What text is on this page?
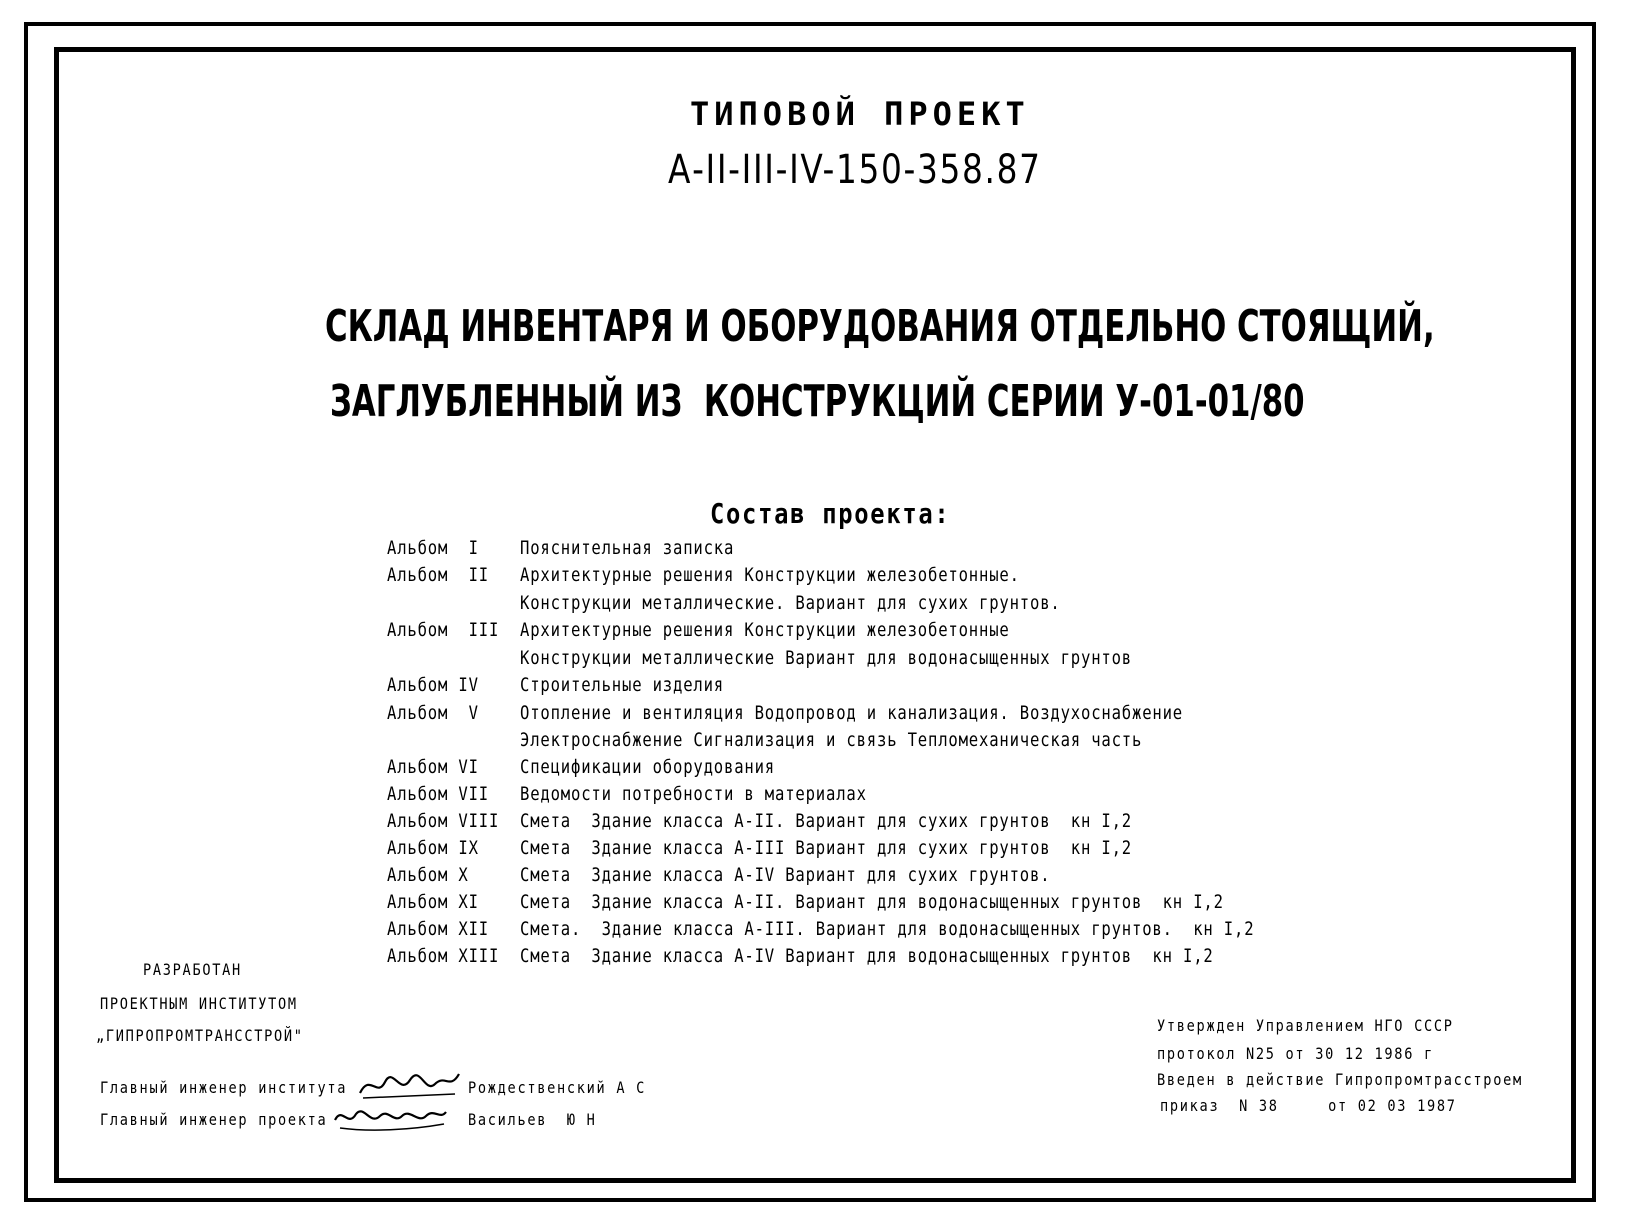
ТИПОВОЙ ПРОЕКТ
А-II-III-IV-150-358.87
СКЛАД ИНВЕНТАРЯ И ОБОРУДОВАНИЯ ОТДЕЛЬНО СТОЯЩИЙ,
ЗАГЛУБЛЕННЫЙ ИЗ  КОНСТРУКЦИЙ СЕРИИ У-01-01/80
Состав проекта:
Альбом  I Пояснительная записка
Альбом  II Архитектурные решения Конструкции железобетонные.
Конструкции металлические. Вариант для сухих грунтов.
Альбом  III Архитектурные решения Конструкции железобетонные
Конструкции металлические Вариант для водонасыщенных грунтов
Альбом IV Строительные изделия
Альбом  V Отопление и вентиляция Водопровод и канализация. Воздухоснабжение
Электроснабжение Сигнализация и связь Тепломеханическая часть
Альбом VI Спецификации оборудования
Альбом VII Ведомости потребности в материалах
Альбом VIII Смета  Здание класса А-II. Вариант для сухих грунтов  кн I,2
Альбом IX Смета  Здание класса А-III Вариант для сухих грунтов  кн I,2
Альбом X	Смета  Здание класса А-IV Вариант для сухих грунтов.
Альбом XI Смета  Здание класса А-II. Вариант для водонасыщенных грунтов  кн I,2
Альбом XII Смета.  Здание класса А-III. Вариант для водонасыщенных грунтов.  кн I,2
Альбом XIII Смета  Здание класса А-IV Вариант для водонасыщенных грунтов  кн I,2
РАЗРАБОТАН
ПРОЕКТНЫМ ИНСТИТУТОМ
„ГИПРОПРОМТРАНССТРОЙ"
Главный инженер института	Рождественский А С
Главный инженер проекта	Васильев  Ю Н
Утвержден Управлением НГО СССР
протокол N25 от 30 12 1986 г
Введен в действие Гипропромтрасстроем
приказ  N 38     от 02 03 1987
